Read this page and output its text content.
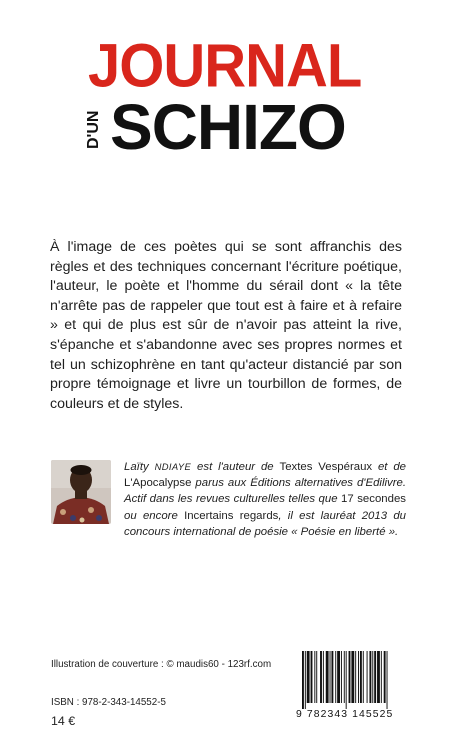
JOURNAL
D'UN SCHIZO

À l'image de ces poètes qui se sont affranchis des règles et des techniques concernant l'écriture poétique, l'auteur, le poète et l'homme du sérail dont « la tête n'arrête pas de rappeler que tout est à faire et à refaire » et qui de plus est sûr de n'avoir pas atteint la rive, s'épanche et s'abandonne avec ses propres normes et tel un schizophrène en tant qu'acteur distancié par son propre témoignage et livre un tourbillon de formes, de couleurs et de styles.

Laïty NDIAYE est l'auteur de Textes Vespéraux et de L'Apocalypse parus aux Éditions alternatives d'Edilivre. Actif dans les revues culturelles telles que 17 secondes ou encore Incertains regards, il est lauréat 2013 du concours international de poésie « Poésie en liberté ».
Illustration de couverture : © maudis60 - 123rf.com
ISBN : 978-2-343-14552-5
14 €	9 782343 145525
